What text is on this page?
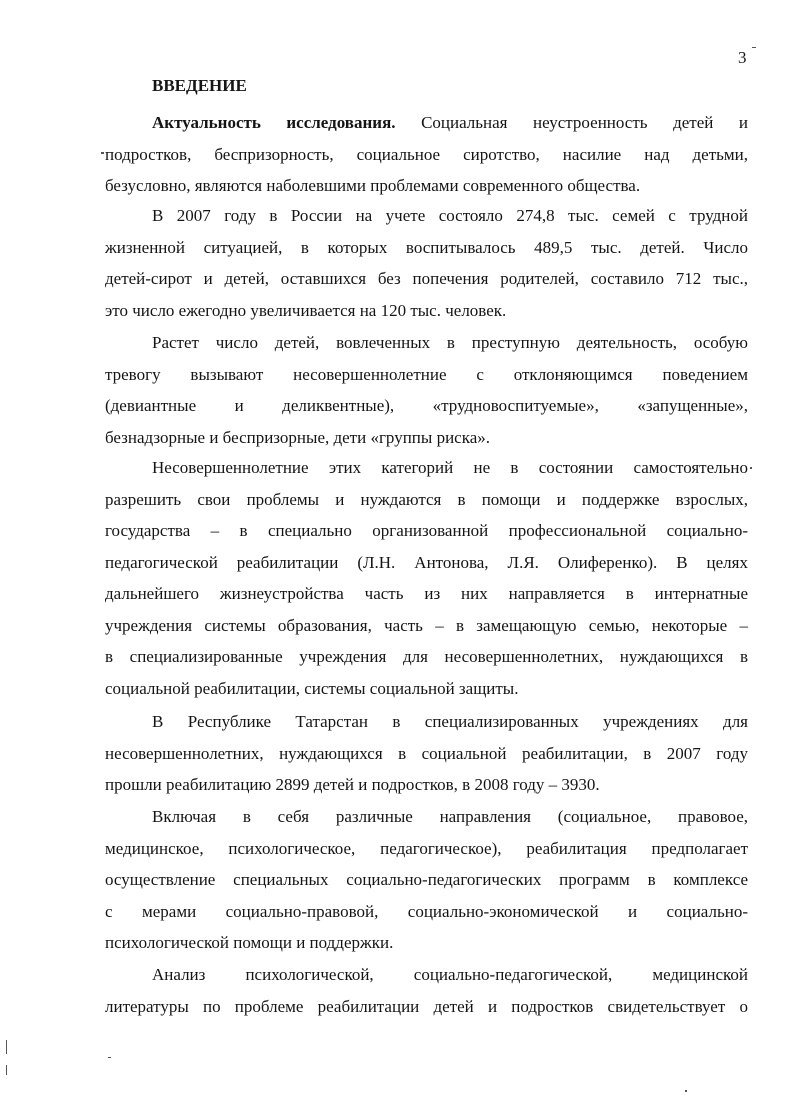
3
ВВЕДЕНИЕ
Актуальность исследования. Социальная неустроенность детей и
подростков, беспризорность, социальное сиротство, насилие над детьми,
безусловно, являются наболевшими проблемами современного общества.
В 2007 году в России на учете состояло 274,8 тыс. семей с трудной
жизненной ситуацией, в которых воспитывалось 489,5 тыс. детей. Число
детей-сирот и детей, оставшихся без попечения родителей, составило 712 тыс.,
это число ежегодно увеличивается на 120 тыс. человек.
Растет число детей, вовлеченных в преступную деятельность, особую
тревогу вызывают несовершеннолетние с отклоняющимся поведением
(девиантные и деликвентные), «трудновоспитуемые», «запущенные»,
безнадзорные и беспризорные, дети «группы риска».
Несовершеннолетние этих категорий не в состоянии самостоятельно
разрешить свои проблемы и нуждаются в помощи и поддержке взрослых,
государства – в специально организованной профессиональной социально-
педагогической реабилитации (Л.Н. Антонова, Л.Я. Олиференко). В целях
дальнейшего жизнеустройства часть из них направляется в интернатные
учреждения системы образования, часть – в замещающую семью, некоторые –
в специализированные учреждения для несовершеннолетних, нуждающихся в
социальной реабилитации, системы социальной защиты.
В Республике Татарстан в специализированных учреждениях для
несовершеннолетних, нуждающихся в социальной реабилитации, в 2007 году
прошли реабилитацию 2899 детей и подростков, в 2008 году – 3930.
Включая в себя различные направления (социальное, правовое,
медицинское, психологическое, педагогическое), реабилитация предполагает
осуществление специальных социально-педагогических программ в комплексе
с мерами социально-правовой, социально-экономической и социально-
психологической помощи и поддержки.
Анализ психологической, социально-педагогической, медицинской
литературы по проблеме реабилитации детей и подростков свидетельствует о
